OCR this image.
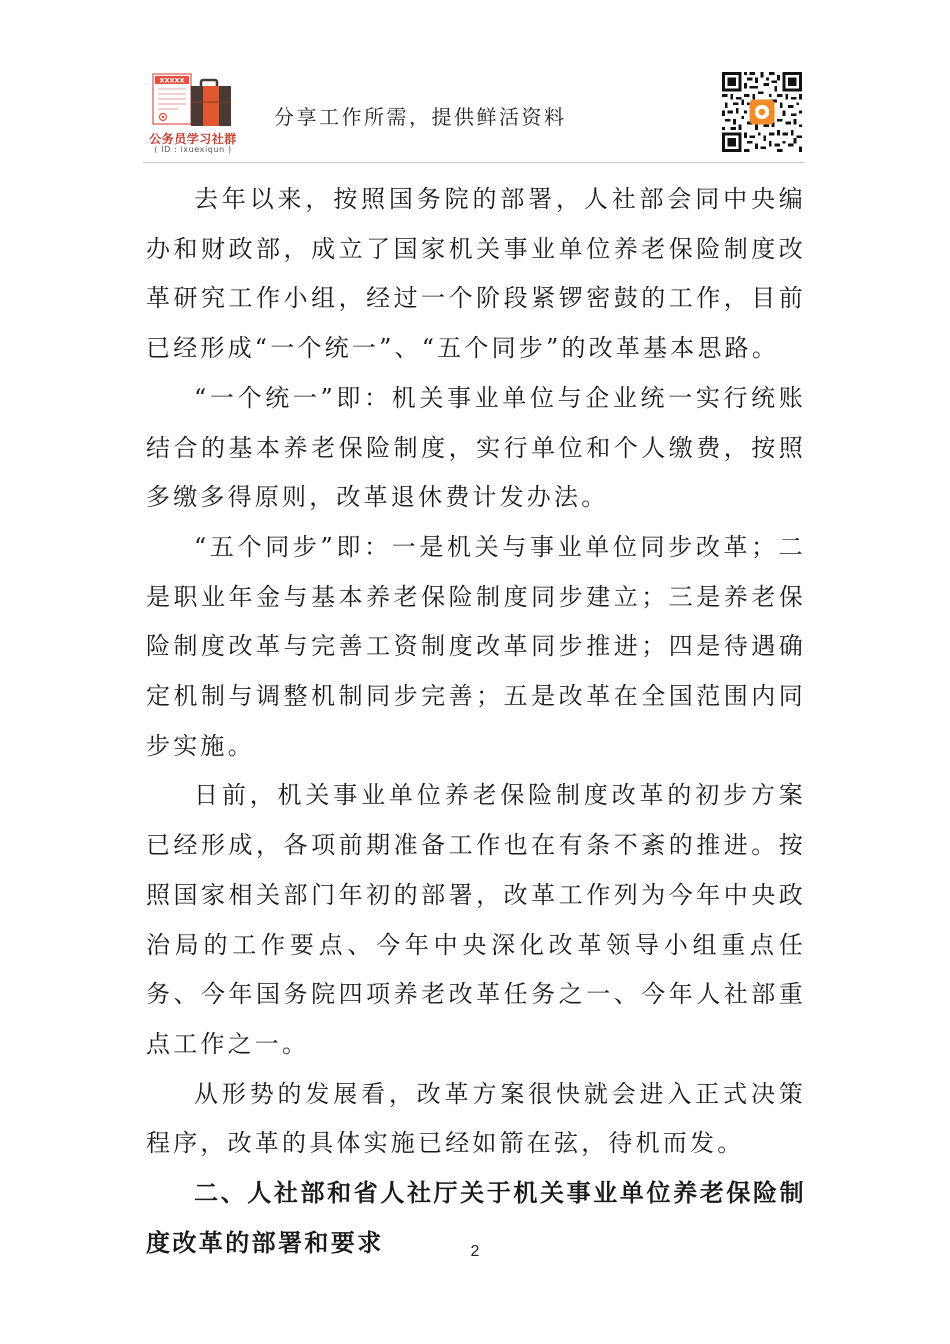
XXXXX
公务员学习社群
( ID : ixuexiqun )
分享工作所需，提供鲜活资料

去年以来，按照国务院的部署，人社部会同中央编办和财政部，成立了国家机关事业单位养老保险制度改革研究工作小组，经过一个阶段紧锣密鼓的工作，目前已经形成“一个统一”、“五个同步”的改革基本思路。

“一个统一”即：机关事业单位与企业统一实行统账结合的基本养老保险制度，实行单位和个人缴费，按照多缴多得原则，改革退休费计发办法。

“五个同步”即：一是机关与事业单位同步改革；二是职业年金与基本养老保险制度同步建立；三是养老保险制度改革与完善工资制度改革同步推进；四是待遇确定机制与调整机制同步完善；五是改革在全国范围内同步实施。

日前，机关事业单位养老保险制度改革的初步方案已经形成，各项前期准备工作也在有条不紊的推进。按照国家相关部门年初的部署，改革工作列为今年中央政治局的工作要点、今年中央深化改革领导小组重点任务、今年国务院四项养老改革任务之一、今年人社部重点工作之一。

从形势的发展看，改革方案很快就会进入正式决策程序，改革的具体实施已经如箭在弦，待机而发。

二、人社部和省人社厅关于机关事业单位养老保险制度改革的部署和要求	2
